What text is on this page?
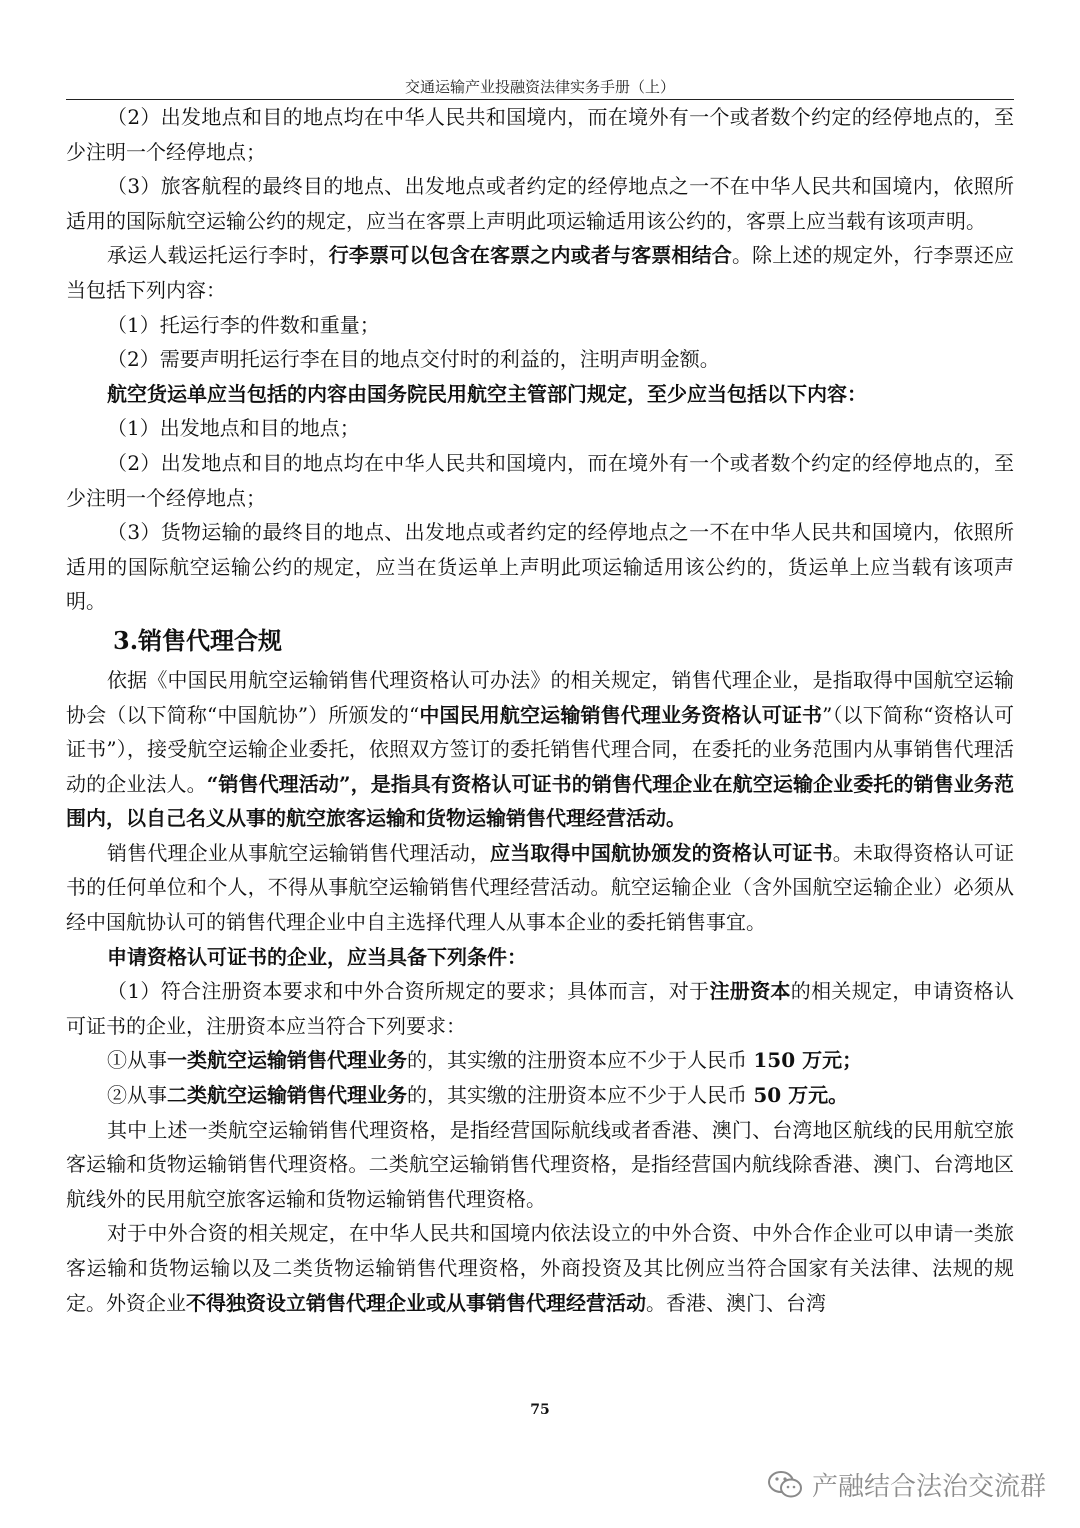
交通运输产业投融资法律实务手册（上）

（2）出发地点和目的地点均在中华人民共和国境内，而在境外有一个或者数个约定的经停地点的，至少注明一个经停地点；

（3）旅客航程的最终目的地点、出发地点或者约定的经停地点之一不在中华人民共和国境内，依照所适用的国际航空运输公约的规定，应当在客票上声明此项运输适用该公约的，客票上应当载有该项声明。

承运人载运托运行李时，行李票可以包含在客票之内或者与客票相结合。除上述的规定外，行李票还应当包括下列内容：

（1）托运行李的件数和重量；

（2）需要声明托运行李在目的地点交付时的利益的，注明声明金额。

航空货运单应当包括的内容由国务院民用航空主管部门规定，至少应当包括以下内容：

（1）出发地点和目的地点；

（2）出发地点和目的地点均在中华人民共和国境内，而在境外有一个或者数个约定的经停地点的，至少注明一个经停地点；

（3）货物运输的最终目的地点、出发地点或者约定的经停地点之一不在中华人民共和国境内，依照所适用的国际航空运输公约的规定，应当在货运单上声明此项运输适用该公约的，货运单上应当载有该项声明。

3.销售代理合规

依据《中国民用航空运输销售代理资格认可办法》的相关规定，销售代理企业，是指取得中国航空运输协会（以下简称“中国航协”）所颁发的“中国民用航空运输销售代理业务资格认可证书”（以下简称“资格认可证书”），接受航空运输企业委托，依照双方签订的委托销售代理合同，在委托的业务范围内从事销售代理活动的企业法人。“销售代理活动”，是指具有资格认可证书的销售代理企业在航空运输企业委托的销售业务范围内，以自己名义从事的航空旅客运输和货物运输销售代理经营活动。

销售代理企业从事航空运输销售代理活动，应当取得中国航协颁发的资格认可证书。未取得资格认可证书的任何单位和个人，不得从事航空运输销售代理经营活动。航空运输企业（含外国航空运输企业）必须从经中国航协认可的销售代理企业中自主选择代理人从事本企业的委托销售事宜。

申请资格认可证书的企业，应当具备下列条件：

（1）符合注册资本要求和中外合资所规定的要求；具体而言，对于注册资本的相关规定，申请资格认可证书的企业，注册资本应当符合下列要求：

①从事一类航空运输销售代理业务的，其实缴的注册资本应不少于人民币 150 万元；

②从事二类航空运输销售代理业务的，其实缴的注册资本应不少于人民币 50 万元。

其中上述一类航空运输销售代理资格，是指经营国际航线或者香港、澳门、台湾地区航线的民用航空旅客运输和货物运输销售代理资格。二类航空运输销售代理资格，是指经营国内航线除香港、澳门、台湾地区航线外的民用航空旅客运输和货物运输销售代理资格。

对于中外合资的相关规定，在中华人民共和国境内依法设立的中外合资、中外合作企业可以申请一类旅客运输和货物运输以及二类货物运输销售代理资格，外商投资及其比例应当符合国家有关法律、法规的规定。外资企业不得独资设立销售代理企业或从事销售代理经营活动。香港、澳门、台湾

75
产融结合法治交流群
